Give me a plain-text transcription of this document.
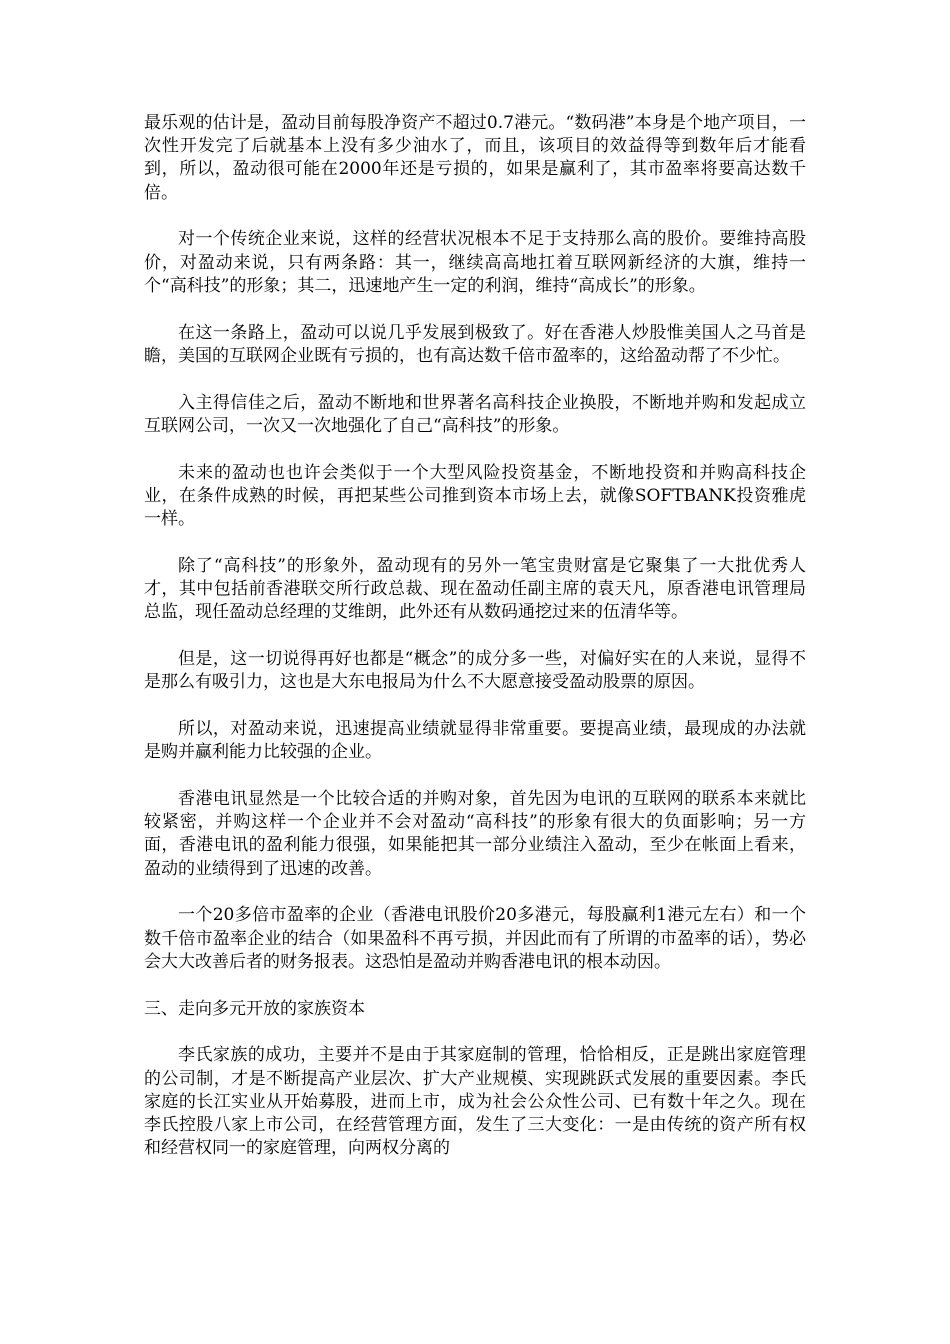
最乐观的估计是，盈动目前每股净资产不超过0.7港元。“数码港”本身是个地产项目，一次性开发完了后就基本上没有多少油水了，而且，该项目的效益得等到数年后才能看到，所以，盈动很可能在2000年还是亏损的，如果是赢利了，其市盈率将要高达数千倍。

对一个传统企业来说，这样的经营状况根本不足于支持那么高的股价。要维持高股价，对盈动来说，只有两条路：其一，继续高高地扛着互联网新经济的大旗，维持一个“高科技”的形象；其二，迅速地产生一定的利润，维持“高成长”的形象。

在这一条路上，盈动可以说几乎发展到极致了。好在香港人炒股惟美国人之马首是瞻，美国的互联网企业既有亏损的，也有高达数千倍市盈率的，这给盈动帮了不少忙。

入主得信佳之后，盈动不断地和世界著名高科技企业换股，不断地并购和发起成立互联网公司，一次又一次地强化了自己“高科技”的形象。

未来的盈动也也许会类似于一个大型风险投资基金，不断地投资和并购高科技企业，在条件成熟的时候，再把某些公司推到资本市场上去，就像SOFTBANK投资雅虎一样。

除了“高科技”的形象外，盈动现有的另外一笔宝贵财富是它聚集了一大批优秀人才，其中包括前香港联交所行政总裁、现在盈动任副主席的袁天凡，原香港电讯管理局总监，现任盈动总经理的艾维朗，此外还有从数码通挖过来的伍清华等。

但是，这一切说得再好也都是“概念”的成分多一些，对偏好实在的人来说，显得不是那么有吸引力，这也是大东电报局为什么不大愿意接受盈动股票的原因。

所以，对盈动来说，迅速提高业绩就显得非常重要。要提高业绩，最现成的办法就是购并赢利能力比较强的企业。

香港电讯显然是一个比较合适的并购对象，首先因为电讯的互联网的联系本来就比较紧密，并购这样一个企业并不会对盈动“高科技”的形象有很大的负面影响；另一方面，香港电讯的盈利能力很强，如果能把其一部分业绩注入盈动，至少在帐面上看来，盈动的业绩得到了迅速的改善。

一个20多倍市盈率的企业（香港电讯股价20多港元，每股赢利1港元左右）和一个数千倍市盈率企业的结合（如果盈科不再亏损，并因此而有了所谓的市盈率的话），势必会大大改善后者的财务报表。这恐怕是盈动并购香港电讯的根本动因。

三、走向多元开放的家族资本

李氏家族的成功，主要并不是由于其家庭制的管理，恰恰相反，正是跳出家庭管理的公司制，才是不断提高产业层次、扩大产业规模、实现跳跃式发展的重要因素。李氏家庭的长江实业从开始募股，进而上市，成为社会公众性公司、已有数十年之久。现在李氏控股八家上市公司，在经营管理方面，发生了三大变化：一是由传统的资产所有权和经营权同一的家庭管理，向两权分离的
